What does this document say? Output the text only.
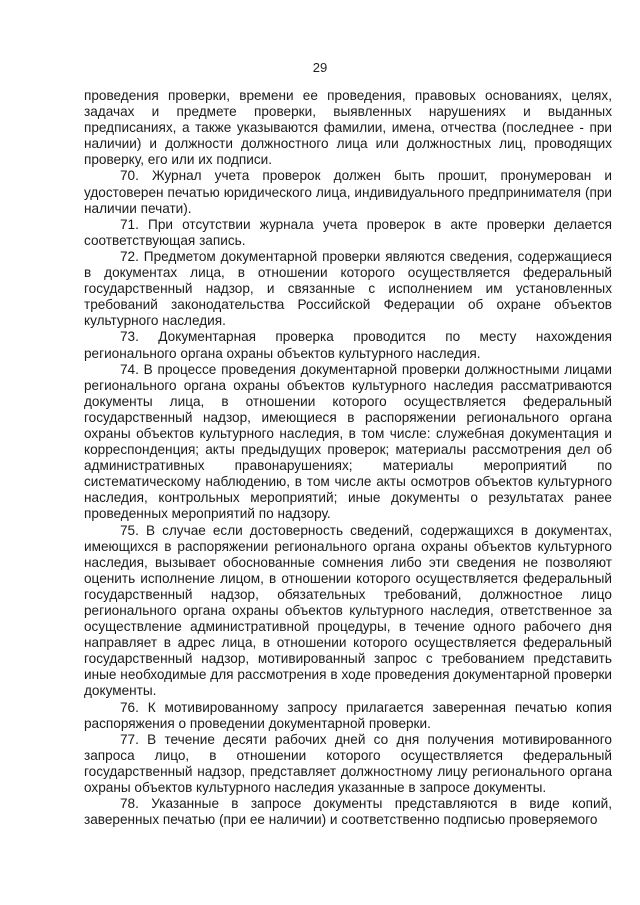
29

проведения проверки, времени ее проведения, правовых основаниях, целях, задачах и предмете проверки, выявленных нарушениях и выданных предписаниях, а также указываются фамилии, имена, отчества (последнее - при наличии) и должности должностного лица или должностных лиц, проводящих проверку, его или их подписи.

70. Журнал учета проверок должен быть прошит, пронумерован и удостоверен печатью юридического лица, индивидуального предпринимателя (при наличии печати).

71. При отсутствии журнала учета проверок в акте проверки делается соответствующая запись.

72. Предметом документарной проверки являются сведения, содержащиеся в документах лица, в отношении которого осуществляется федеральный государственный надзор, и связанные с исполнением им установленных требований законодательства Российской Федерации об охране объектов культурного наследия.

73. Документарная проверка проводится по месту нахождения регионального органа охраны объектов культурного наследия.

74. В процессе проведения документарной проверки должностными лицами регионального органа охраны объектов культурного наследия рассматриваются документы лица, в отношении которого осуществляется федеральный государственный надзор, имеющиеся в распоряжении регионального органа охраны объектов культурного наследия, в том числе: служебная документация и корреспонденция; акты предыдущих проверок; материалы рассмотрения дел об административных правонарушениях; материалы мероприятий по систематическому наблюдению, в том числе акты осмотров объектов культурного наследия, контрольных мероприятий; иные документы о результатах ранее проведенных мероприятий по надзору.

75. В случае если достоверность сведений, содержащихся в документах, имеющихся в распоряжении регионального органа охраны объектов культурного наследия, вызывает обоснованные сомнения либо эти сведения не позволяют оценить исполнение лицом, в отношении которого осуществляется федеральный государственный надзор, обязательных требований, должностное лицо регионального органа охраны объектов культурного наследия, ответственное за осуществление административной процедуры, в течение одного рабочего дня направляет в адрес лица, в отношении которого осуществляется федеральный государственный надзор, мотивированный запрос с требованием представить иные необходимые для рассмотрения в ходе проведения документарной проверки документы.

76. К мотивированному запросу прилагается заверенная печатью копия распоряжения о проведении документарной проверки.

77. В течение десяти рабочих дней со дня получения мотивированного запроса лицо, в отношении которого осуществляется федеральный государственный надзор, представляет должностному лицу регионального органа охраны объектов культурного наследия указанные в запросе документы.

78. Указанные в запросе документы представляются в виде копий, заверенных печатью (при ее наличии) и соответственно подписью проверяемого
